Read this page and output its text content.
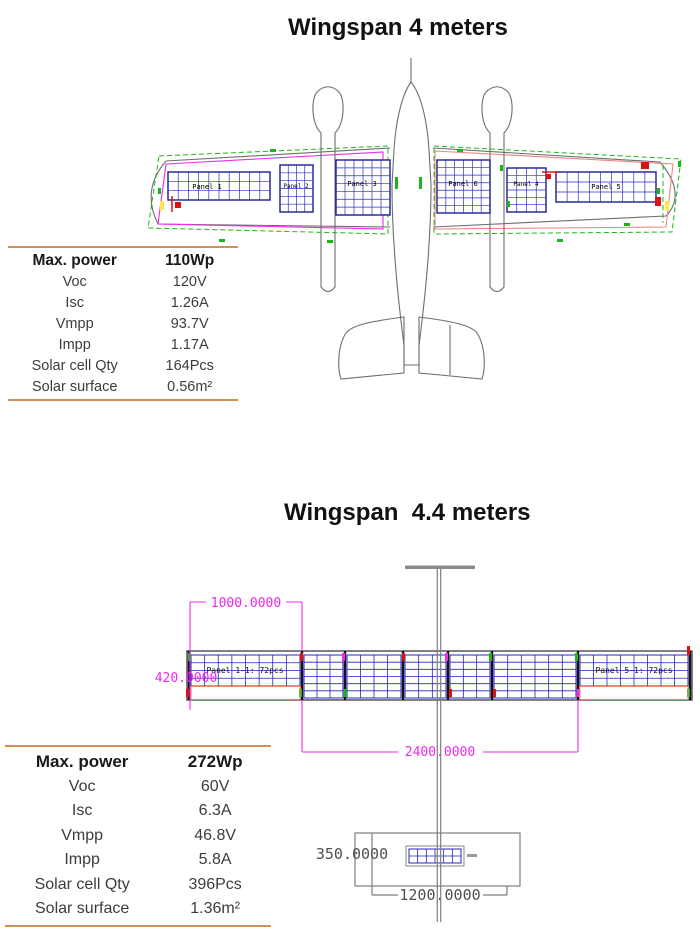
Wingspan 4 meters
Panel 1	Panel 2	Panel 3	Panel 6	Panel 4	Panel 5
Max. power	110Wp
Voc	120V
Isc	1.26A
Vmpp	93.7V
Impp	1.17A
Solar cell Qty	164Pcs
Solar surface	0.56m²
Wingspan  4.4 meters
Panel 1-1: 72pcs	Panel 5-1: 72pcs
1000.0000
420.0000
2400.0000
350.0000
1200.0000
Max. power	272Wp
Voc	60V
Isc	6.3A
Vmpp	46.8V
Impp	5.8A
Solar cell Qty	396Pcs
Solar surface	1.36m²
